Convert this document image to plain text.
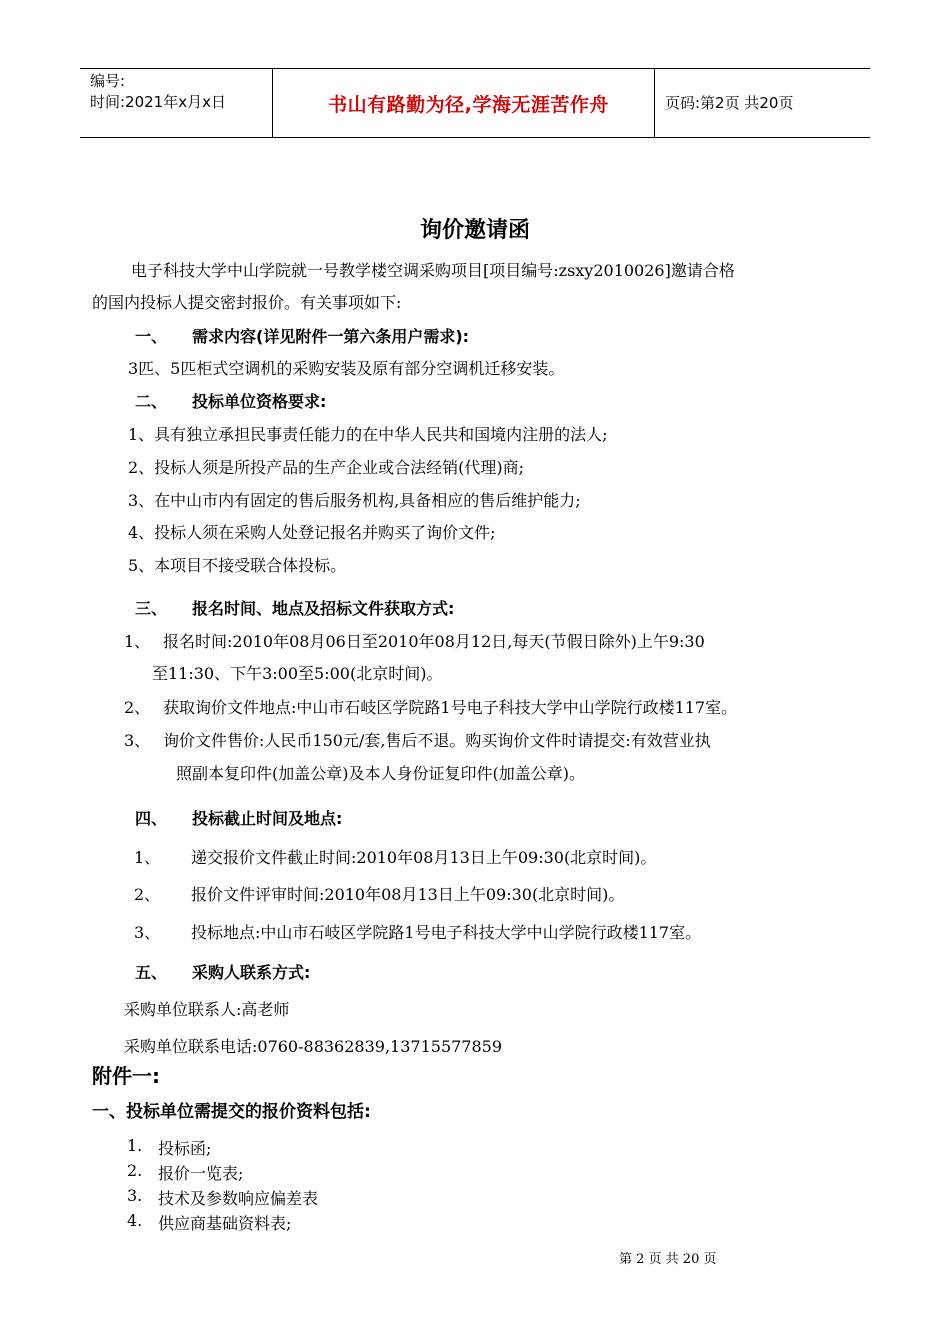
编号:
时间:2021年x月x日	书山有路勤为径,学海无涯苦作舟	页码:第2页 共20页
询价邀请函
电子科技大学中山学院就一号教学楼空调采购项目[项目编号:zsxy2010026]邀请合格
的国内投标人提交密封报价。有关事项如下:
一、 需求内容(详见附件一第六条用户需求):
3匹、5匹柜式空调机的采购安装及原有部分空调机迁移安装。
二、 投标单位资格要求:
1、具有独立承担民事责任能力的在中华人民共和国境内注册的法人;
2、投标人须是所投产品的生产企业或合法经销(代理)商;
3、在中山市内有固定的售后服务机构,具备相应的售后维护能力;
4、投标人须在采购人处登记报名并购买了询价文件;
5、本项目不接受联合体投标。
三、 报名时间、地点及招标文件获取方式:
1、 报名时间:2010年08月06日至2010年08月12日,每天(节假日除外)上午9:30
至11:30、下午3:00至5:00(北京时间)。
2、 获取询价文件地点:中山市石岐区学院路1号电子科技大学中山学院行政楼117室。
3、 询价文件售价:人民币150元/套,售后不退。购买询价文件时请提交:有效营业执
照副本复印件(加盖公章)及本人身份证复印件(加盖公章)。
四、 投标截止时间及地点:
1、 递交报价文件截止时间:2010年08月13日上午09:30(北京时间)。
2、 报价文件评审时间:2010年08月13日上午09:30(北京时间)。
3、 投标地点:中山市石岐区学院路1号电子科技大学中山学院行政楼117室。
五、 采购人联系方式:
采购单位联系人:高老师
采购单位联系电话:0760-88362839,13715577859
附件一:
一、投标单位需提交的报价资料包括:
1. 投标函;
2. 报价一览表;
3. 技术及参数响应偏差表
4. 供应商基础资料表;
第 2 页 共 20 页
